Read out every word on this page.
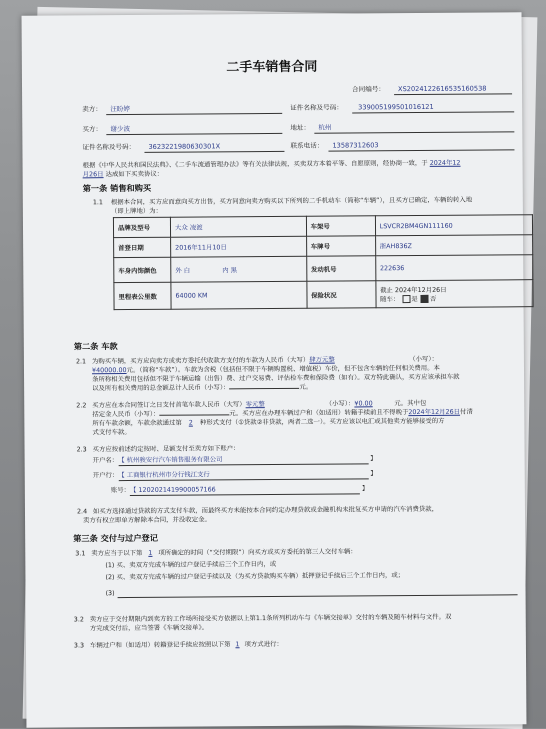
二手车销售合同
合同编号： XS2024122616535160538
卖方： 汪盼婷	证件名称及号码： 339005199501016121
买方： 谢少波	地址： 杭州
证件名称及号码： 3623221980630301X	联系电话： 13587312603
根据《中华人民共和国民法典》、《二手车流通管理办法》等有关法律法规，买卖双方本着平等、自愿原则，经协商一致，于 2024年12
月26日 达成如下买卖协议：
第一条 销售和购买
1.1 根据本合同，买方应而意向买方出售，买方同意向卖方购买以下所列的二手机动车（简称“车辆”），且买方已确定，车辆的转入地
（即上牌地）为：
品牌及型号	大众 凌渡	车架号	LSVCR2BM4GN111160
首登日期	2016年11月10日	车牌号	浙AH836Z
车身内饰颜色	外 白 内 黑	发动机号	222636
里程表公里数	64000 KM	保险状况	截止 2024年12月26日
随车： 是 否
第二条 车款
2.1 为购买车辆，买方应向卖方或卖方委托代收款方支付的车款为人民币（大写）肆万元整	（小写）：
¥40000.00元。（简称“车款”）。车款为含税（包括但不限于车辆购置税、增值税）车价，但不包含车辆的任何相关费用。本
条所称相关费用包括但不限于车辆运输（出售）费、过户交易费、评估检车费和保险费（如有）。双方特此确认，买方应该承担车款
以及所有相关费用的总金额总计人民币（小写）：	元。
2.2 买方应在本合同签订之日支付首笔车款人民币（大写）零元整	（小写）：¥0.00	元。其中包
括定金人民币（小写）：	元。买方应在办理车辆过户和（如适用）转籍手续前且不得晚于2024年12月26日付清
所有车款余额，车款余款通过第 2 种形式支付（①贷款②非贷款，两者二选一）。买方应该以电汇或其他卖方能够接受的方
式支付车款。
2.3 买方应按前述约定按时、足额支付至卖方如下账户：
开户名：【 杭州骏安行汽车销售服务有限公司	】
开户行：【 工商银行杭州市分行钱江支行	】
账号：【 1202021419900057166	】
2.4 如买方选择通过贷款的方式支付车款，而最终买方未能按本合同约定办理贷款或金融机构未批复买方申请的汽车消费贷款，
卖方有权立即单方解除本合同，并没收定金。
第三条 交付与过户登记
3.1 卖方应当于以下第 1 项所确定的时间（“交付期限”）向买方或买方委托的第三人交付车辆：
(1) 买、卖双方完成车辆的过户登记手续后三个工作日内，或
(2) 买、卖双方完成车辆的过户登记手续以及（为买方贷款购买车辆）抵押登记手续后三个工作日内，或；
(3)
3.2 卖方应于交付期限内到卖方的工作场所接受买方依据以上第1.1条所列机动车与《车辆交接单》交付的车辆及随车材料与文件。双
方完成交付后，应当签署《车辆交接单》。
3.3 车辆过户和（如适用）转籍登记手续应按照以下第 1 项方式进行：
